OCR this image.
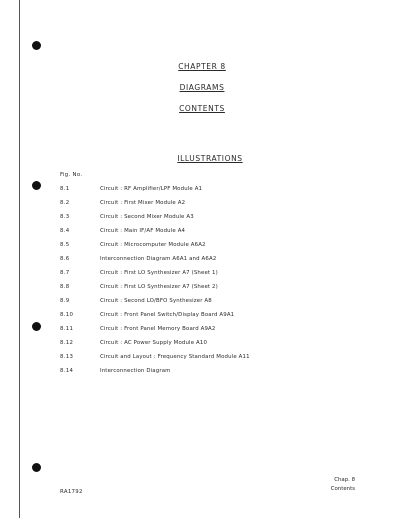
CHAPTER 8
DIAGRAMS
CONTENTS
ILLUSTRATIONS
Fig. No.
8.1	Circuit : RF Amplifier/LPF Module A1
8.2	Circuit : First Mixer Module A2
8.3	Circuit : Second Mixer Module A3
8.4	Circuit : Main IF/AF Module A4
8.5	Circuit : Microcomputer Module A6A2
8.6	Interconnection Diagram A6A1 and A6A2
8.7	Circuit : First LO Synthesizer A7 (Sheet 1)
8.8	Circuit : First LO Synthesizer A7 (Sheet 2)
8.9	Circuit : Second LO/BFO Synthesizer A8
8.10	Circuit : Front Panel Switch/Display Board A9A1
8.11	Circuit : Front Panel Memory Board A9A2
8.12	Circuit : AC Power Supply Module A10
8.13	Circuit and Layout : Frequency Standard Module A11
8.14	Interconnection Diagram
Chap. 8
Contents
RA1792
